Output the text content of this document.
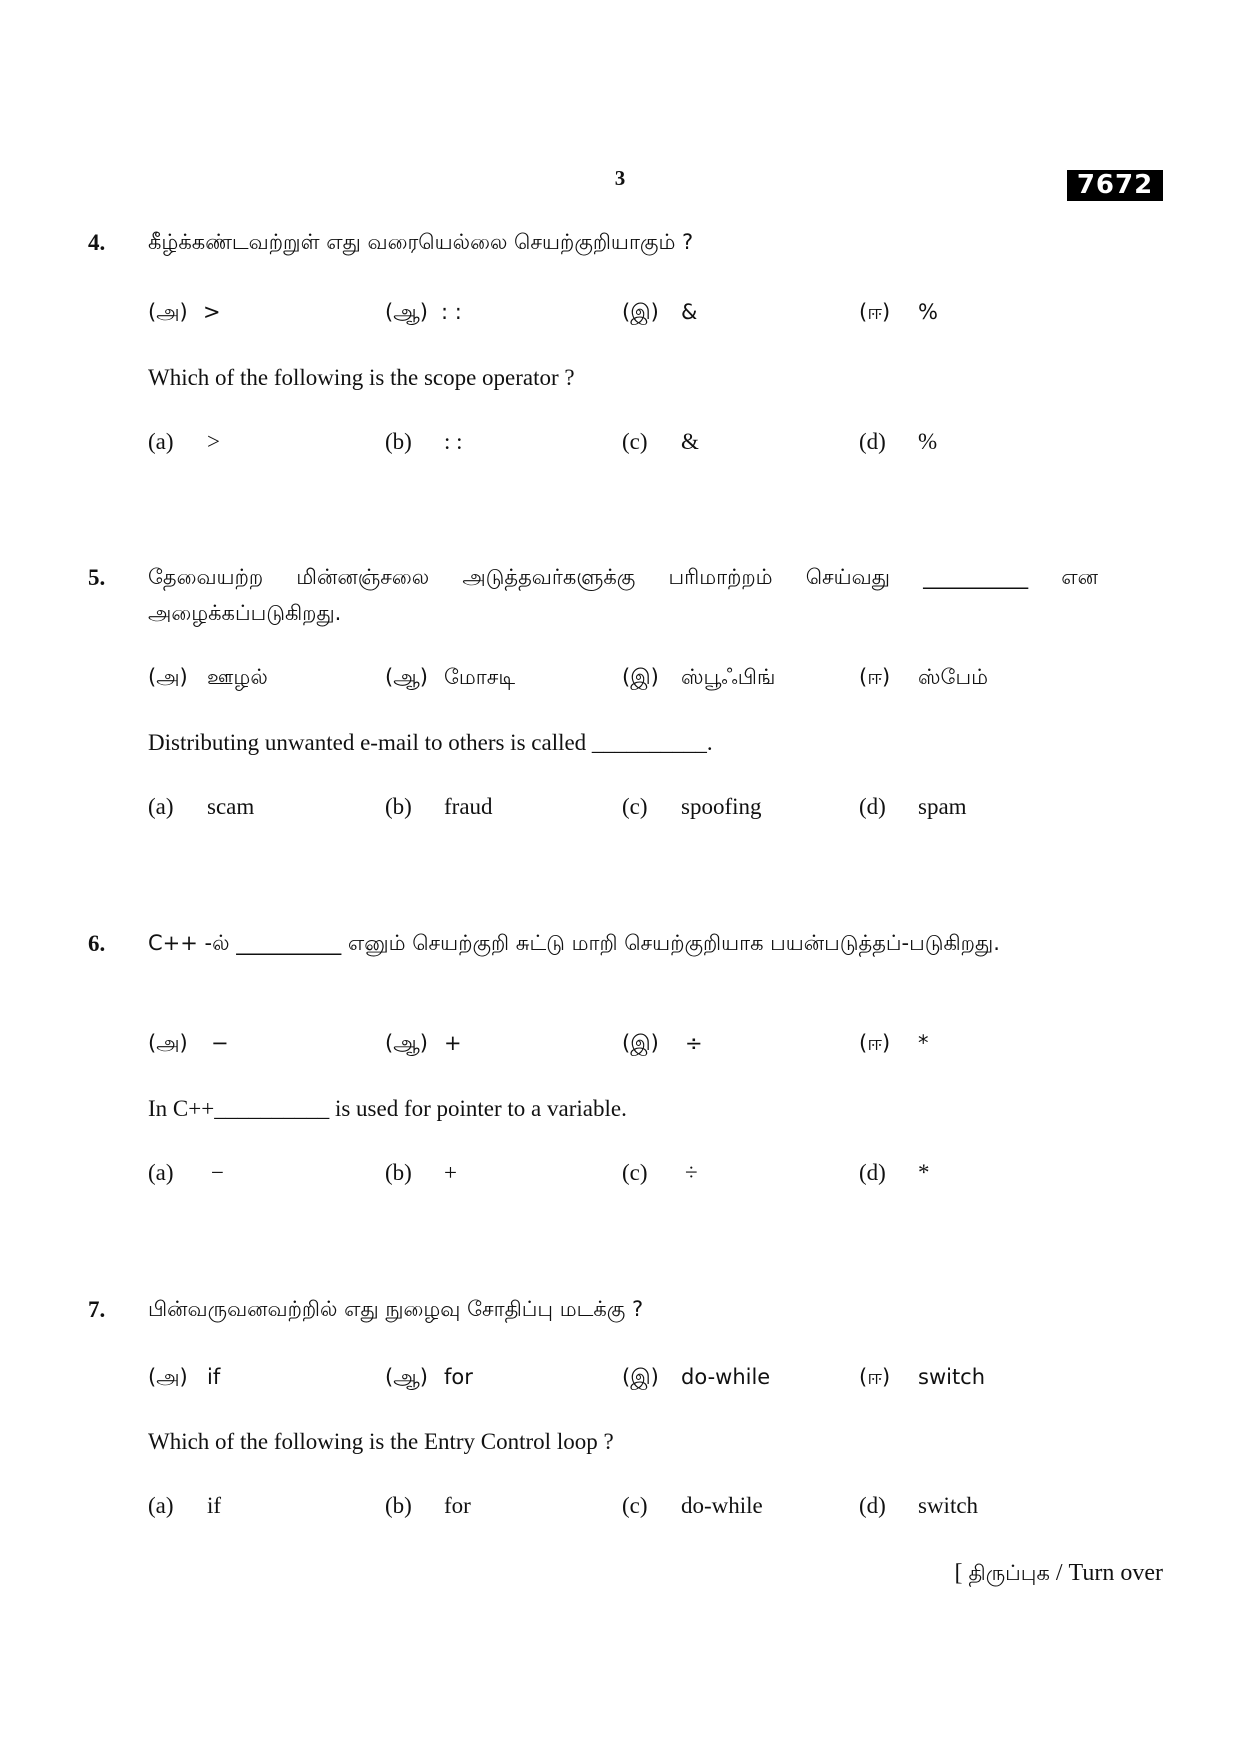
3	7672
4. கீழ்க்கண்டவற்றுள் எது வரையெல்லை செயற்குறியாகும் ?
(அ) >	(ஆ) : :	(இ) &	(ஈ) %
Which of the following is the scope operator ?
(a) >	(b) : :	(c) &	(d) %
5. தேவையற்ற மின்னஞ்சலை அடுத்தவர்களுக்கு பரிமாற்றம் செய்வது __________ என அழைக்கப்படுகிறது.
(அ) ஊழல்	(ஆ) மோசடி	(இ) ஸ்பூஃபிங்	(ஈ) ஸ்பேம்
Distributing unwanted e-mail to others is called __________.
(a) scam	(b) fraud	(c) spoofing	(d) spam
6. C++ -ல் __________ எனும் செயற்குறி சுட்டு மாறி செயற்குறியாக பயன்படுத்தப்-படுகிறது.
(அ) −	(ஆ) +	(இ) ÷	(ஈ) *
In C++__________ is used for pointer to a variable.
(a) −	(b) +	(c) ÷	(d) *
7. பின்வருவனவற்றில் எது நுழைவு சோதிப்பு மடக்கு ?
(அ) if	(ஆ) for	(இ) do-while	(ஈ) switch
Which of the following is the Entry Control loop ?
(a) if	(b) for	(c) do-while	(d) switch
[ திருப்புக / Turn over
